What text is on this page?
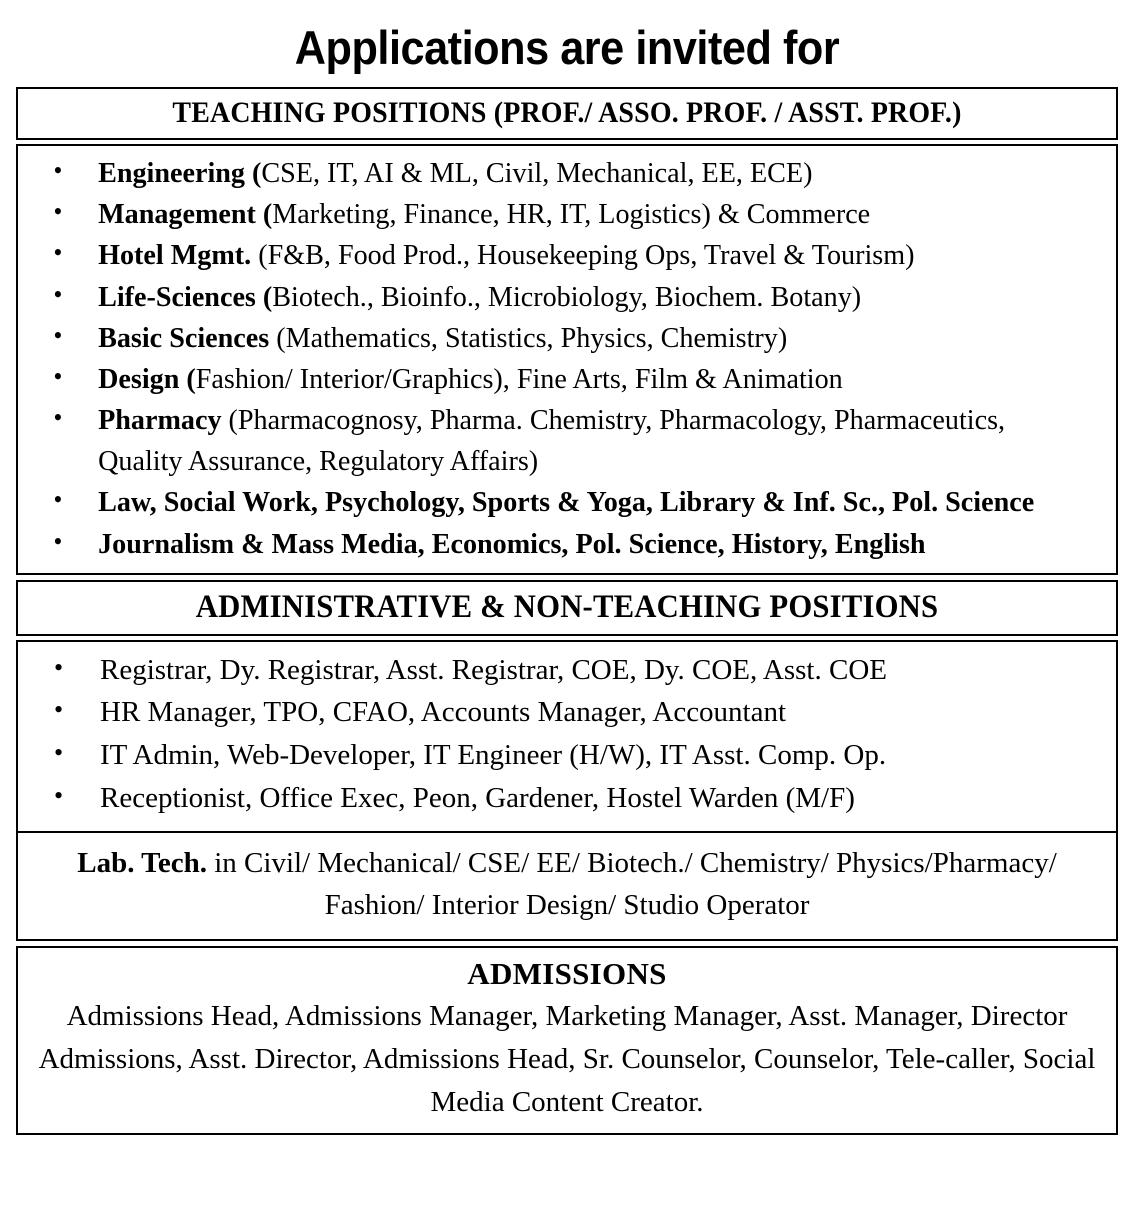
Applications are invited for
TEACHING POSITIONS (PROF./ ASSO. PROF. / ASST. PROF.)
• Engineering (CSE, IT, AI & ML, Civil, Mechanical, EE, ECE)
• Management (Marketing, Finance, HR, IT, Logistics) & Commerce
• Hotel Mgmt. (F&B, Food Prod., Housekeeping Ops, Travel & Tourism)
• Life-Sciences (Biotech., Bioinfo., Microbiology, Biochem. Botany)
• Basic Sciences (Mathematics, Statistics, Physics, Chemistry)
• Design (Fashion/ Interior/Graphics), Fine Arts, Film & Animation
• Pharmacy (Pharmacognosy, Pharma. Chemistry, Pharmacology, Pharmaceutics, Quality Assurance, Regulatory Affairs)
• Law, Social Work, Psychology, Sports & Yoga, Library & Inf. Sc., Pol. Science
• Journalism & Mass Media, Economics, Pol. Science, History, English
ADMINISTRATIVE & NON-TEACHING POSITIONS
• Registrar, Dy. Registrar, Asst. Registrar, COE, Dy. COE, Asst. COE
• HR Manager, TPO, CFAO, Accounts Manager, Accountant
• IT Admin, Web-Developer, IT Engineer (H/W), IT Asst. Comp. Op.
• Receptionist, Office Exec, Peon, Gardener, Hostel Warden (M/F)
Lab. Tech. in Civil/ Mechanical/ CSE/ EE/ Biotech./ Chemistry/ Physics/Pharmacy/ Fashion/ Interior Design/ Studio Operator
ADMISSIONS
Admissions Head, Admissions Manager, Marketing Manager, Asst. Manager, Director Admissions, Asst. Director, Admissions Head, Sr. Counselor, Counselor, Tele-caller, Social Media Content Creator.
